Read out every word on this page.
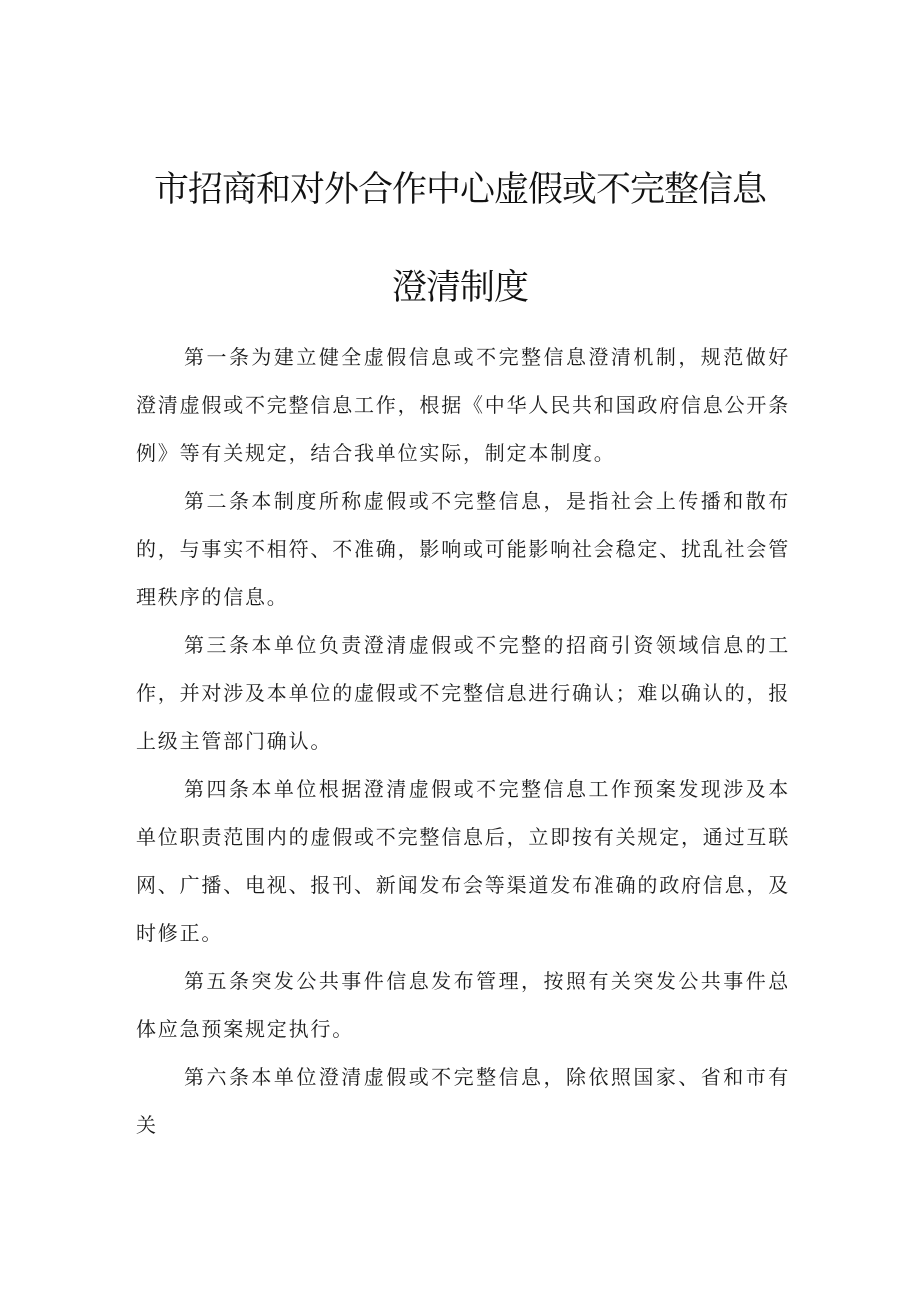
市招商和对外合作中心虚假或不完整信息
澄清制度

第一条为建立健全虚假信息或不完整信息澄清机制，规范做好澄清虚假或不完整信息工作，根据《中华人民共和国政府信息公开条例》等有关规定，结合我单位实际，制定本制度。

第二条本制度所称虚假或不完整信息，是指社会上传播和散布的，与事实不相符、不准确，影响或可能影响社会稳定、扰乱社会管理秩序的信息。

第三条本单位负责澄清虚假或不完整的招商引资领域信息的工作，并对涉及本单位的虚假或不完整信息进行确认；难以确认的，报上级主管部门确认。

第四条本单位根据澄清虚假或不完整信息工作预案发现涉及本单位职责范围内的虚假或不完整信息后，立即按有关规定，通过互联网、广播、电视、报刊、新闻发布会等渠道发布准确的政府信息，及时修正。

第五条突发公共事件信息发布管理，按照有关突发公共事件总体应急预案规定执行。

第六条本单位澄清虚假或不完整信息，除依照国家、省和市有关
